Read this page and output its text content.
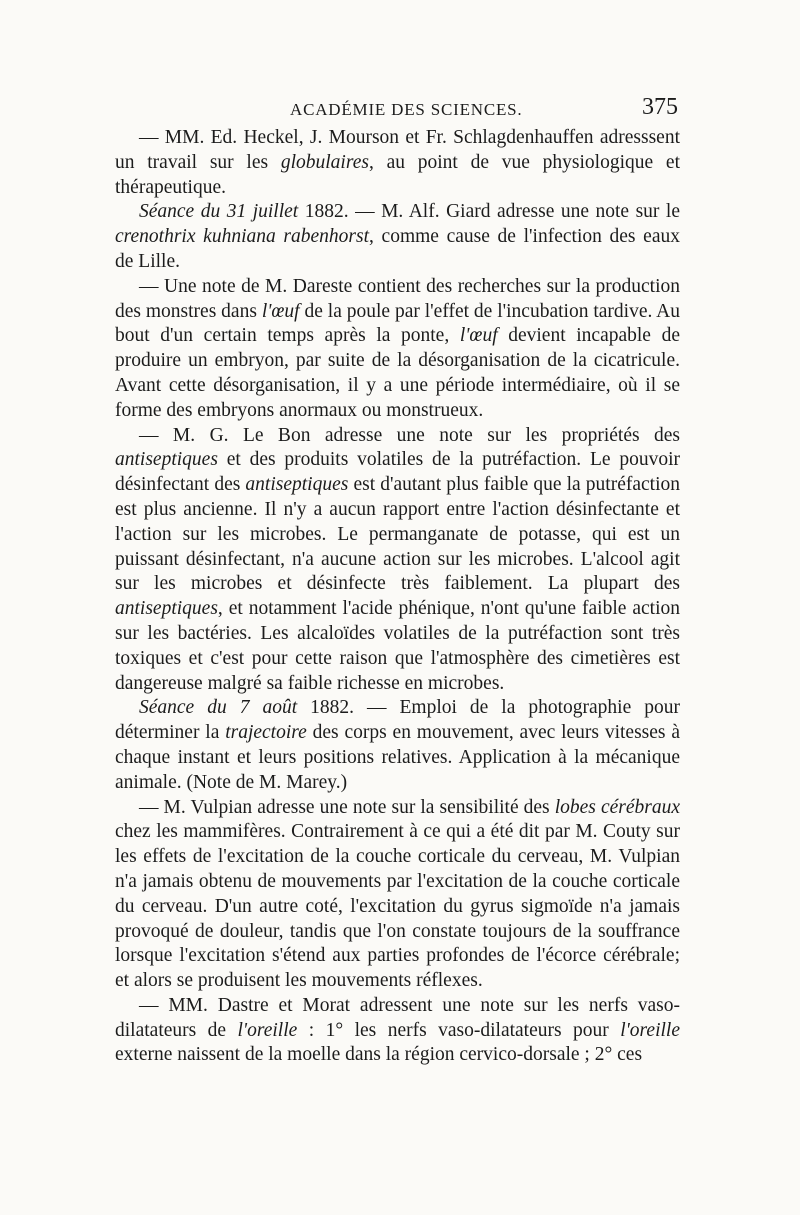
ACADÉMIE DES SCIENCES.	375

— MM. Ed. Heckel, J. Mourson et Fr. Schlagdenhauffen adresssent un travail sur les globulaires, au point de vue physiologique et thérapeutique.

Séance du 31 juillet 1882. — M. Alf. Giard adresse une note sur le crenothrix kuhniana rabenhorst, comme cause de l'infection des eaux de Lille.

— Une note de M. Dareste contient des recherches sur la production des monstres dans l'œuf de la poule par l'effet de l'incubation tardive. Au bout d'un certain temps après la ponte, l'œuf devient incapable de produire un embryon, par suite de la désorganisation de la cicatricule. Avant cette désorganisation, il y a une période intermédiaire, où il se forme des embryons anormaux ou monstrueux.

— M. G. Le Bon adresse une note sur les propriétés des antiseptiques et des produits volatiles de la putréfaction. Le pouvoir désinfectant des antiseptiques est d'autant plus faible que la putréfaction est plus ancienne. Il n'y a aucun rapport entre l'action désinfectante et l'action sur les microbes. Le permanganate de potasse, qui est un puissant désinfectant, n'a aucune action sur les microbes. L'alcool agit sur les microbes et désinfecte très faiblement. La plupart des antiseptiques, et notamment l'acide phénique, n'ont qu'une faible action sur les bactéries. Les alcaloïdes volatiles de la putréfaction sont très toxiques et c'est pour cette raison que l'atmosphère des cimetières est dangereuse malgré sa faible richesse en microbes.

Séance du 7 août 1882. — Emploi de la photographie pour déterminer la trajectoire des corps en mouvement, avec leurs vitesses à chaque instant et leurs positions relatives. Application à la mécanique animale. (Note de M. Marey.)

— M. Vulpian adresse une note sur la sensibilité des lobes cérébraux chez les mammifères. Contrairement à ce qui a été dit par M. Couty sur les effets de l'excitation de la couche corticale du cerveau, M. Vulpian n'a jamais obtenu de mouvements par l'excitation de la couche corticale du cerveau. D'un autre coté, l'excitation du gyrus sigmoïde n'a jamais provoqué de douleur, tandis que l'on constate toujours de la souffrance lorsque l'excitation s'étend aux parties profondes de l'écorce cérébrale; et alors se produisent les mouvements réflexes.

— MM. Dastre et Morat adressent une note sur les nerfs vaso-dilatateurs de l'oreille : 1° les nerfs vaso-dilatateurs pour l'oreille externe naissent de la moelle dans la région cervico-dorsale ; 2° ces
